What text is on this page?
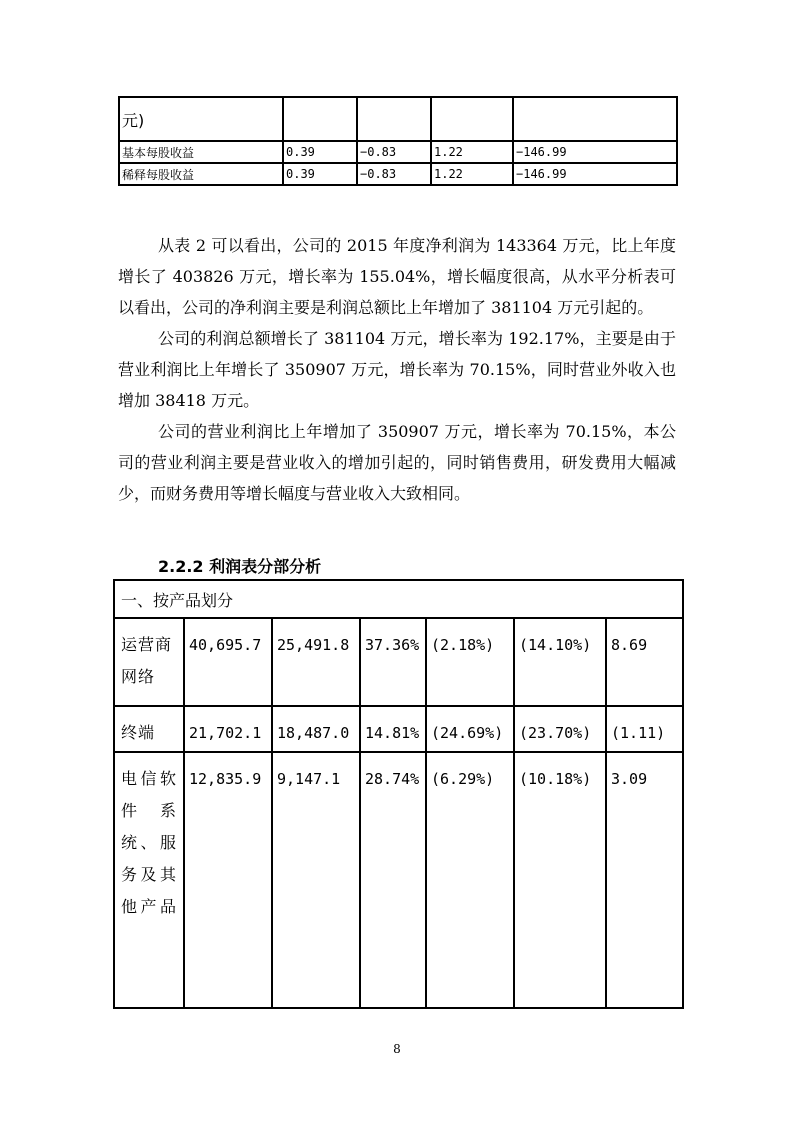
元)				
基本每股收益	0.39	−0.83	1.22	−146.99
稀释每股收益	0.39	−0.83	1.22	−146.99

从表 2 可以看出，公司的 2015 年度净利润为 143364 万元，比上年度增长了 403826 万元，增长率为 155.04%，增长幅度很高，从水平分析表可以看出，公司的净利润主要是利润总额比上年增加了 381104 万元引起的。

公司的利润总额增长了 381104 万元，增长率为 192.17%，主要是由于营业利润比上年增长了 350907 万元，增长率为 70.15%，同时营业外收入也增加 38418 万元。

公司的营业利润比上年增加了 350907 万元，增长率为 70.15%，本公司的营业利润主要是营业收入的增加引起的，同时销售费用，研发费用大幅减少，而财务费用等增长幅度与营业收入大致相同。

2.2.2 利润表分部分析
一、按产品划分						
运营商网络	40,695.7	25,491.8	37.36%	(2.18%)	(14.10%)	8.69
终端	21,702.1	18,487.0	14.81%	(24.69%)	(23.70%)	(1.11)
电信软件系统、服务及其他产品	12,835.9	9,147.1	28.74%	(6.29%)	(10.18%)	3.09
8
